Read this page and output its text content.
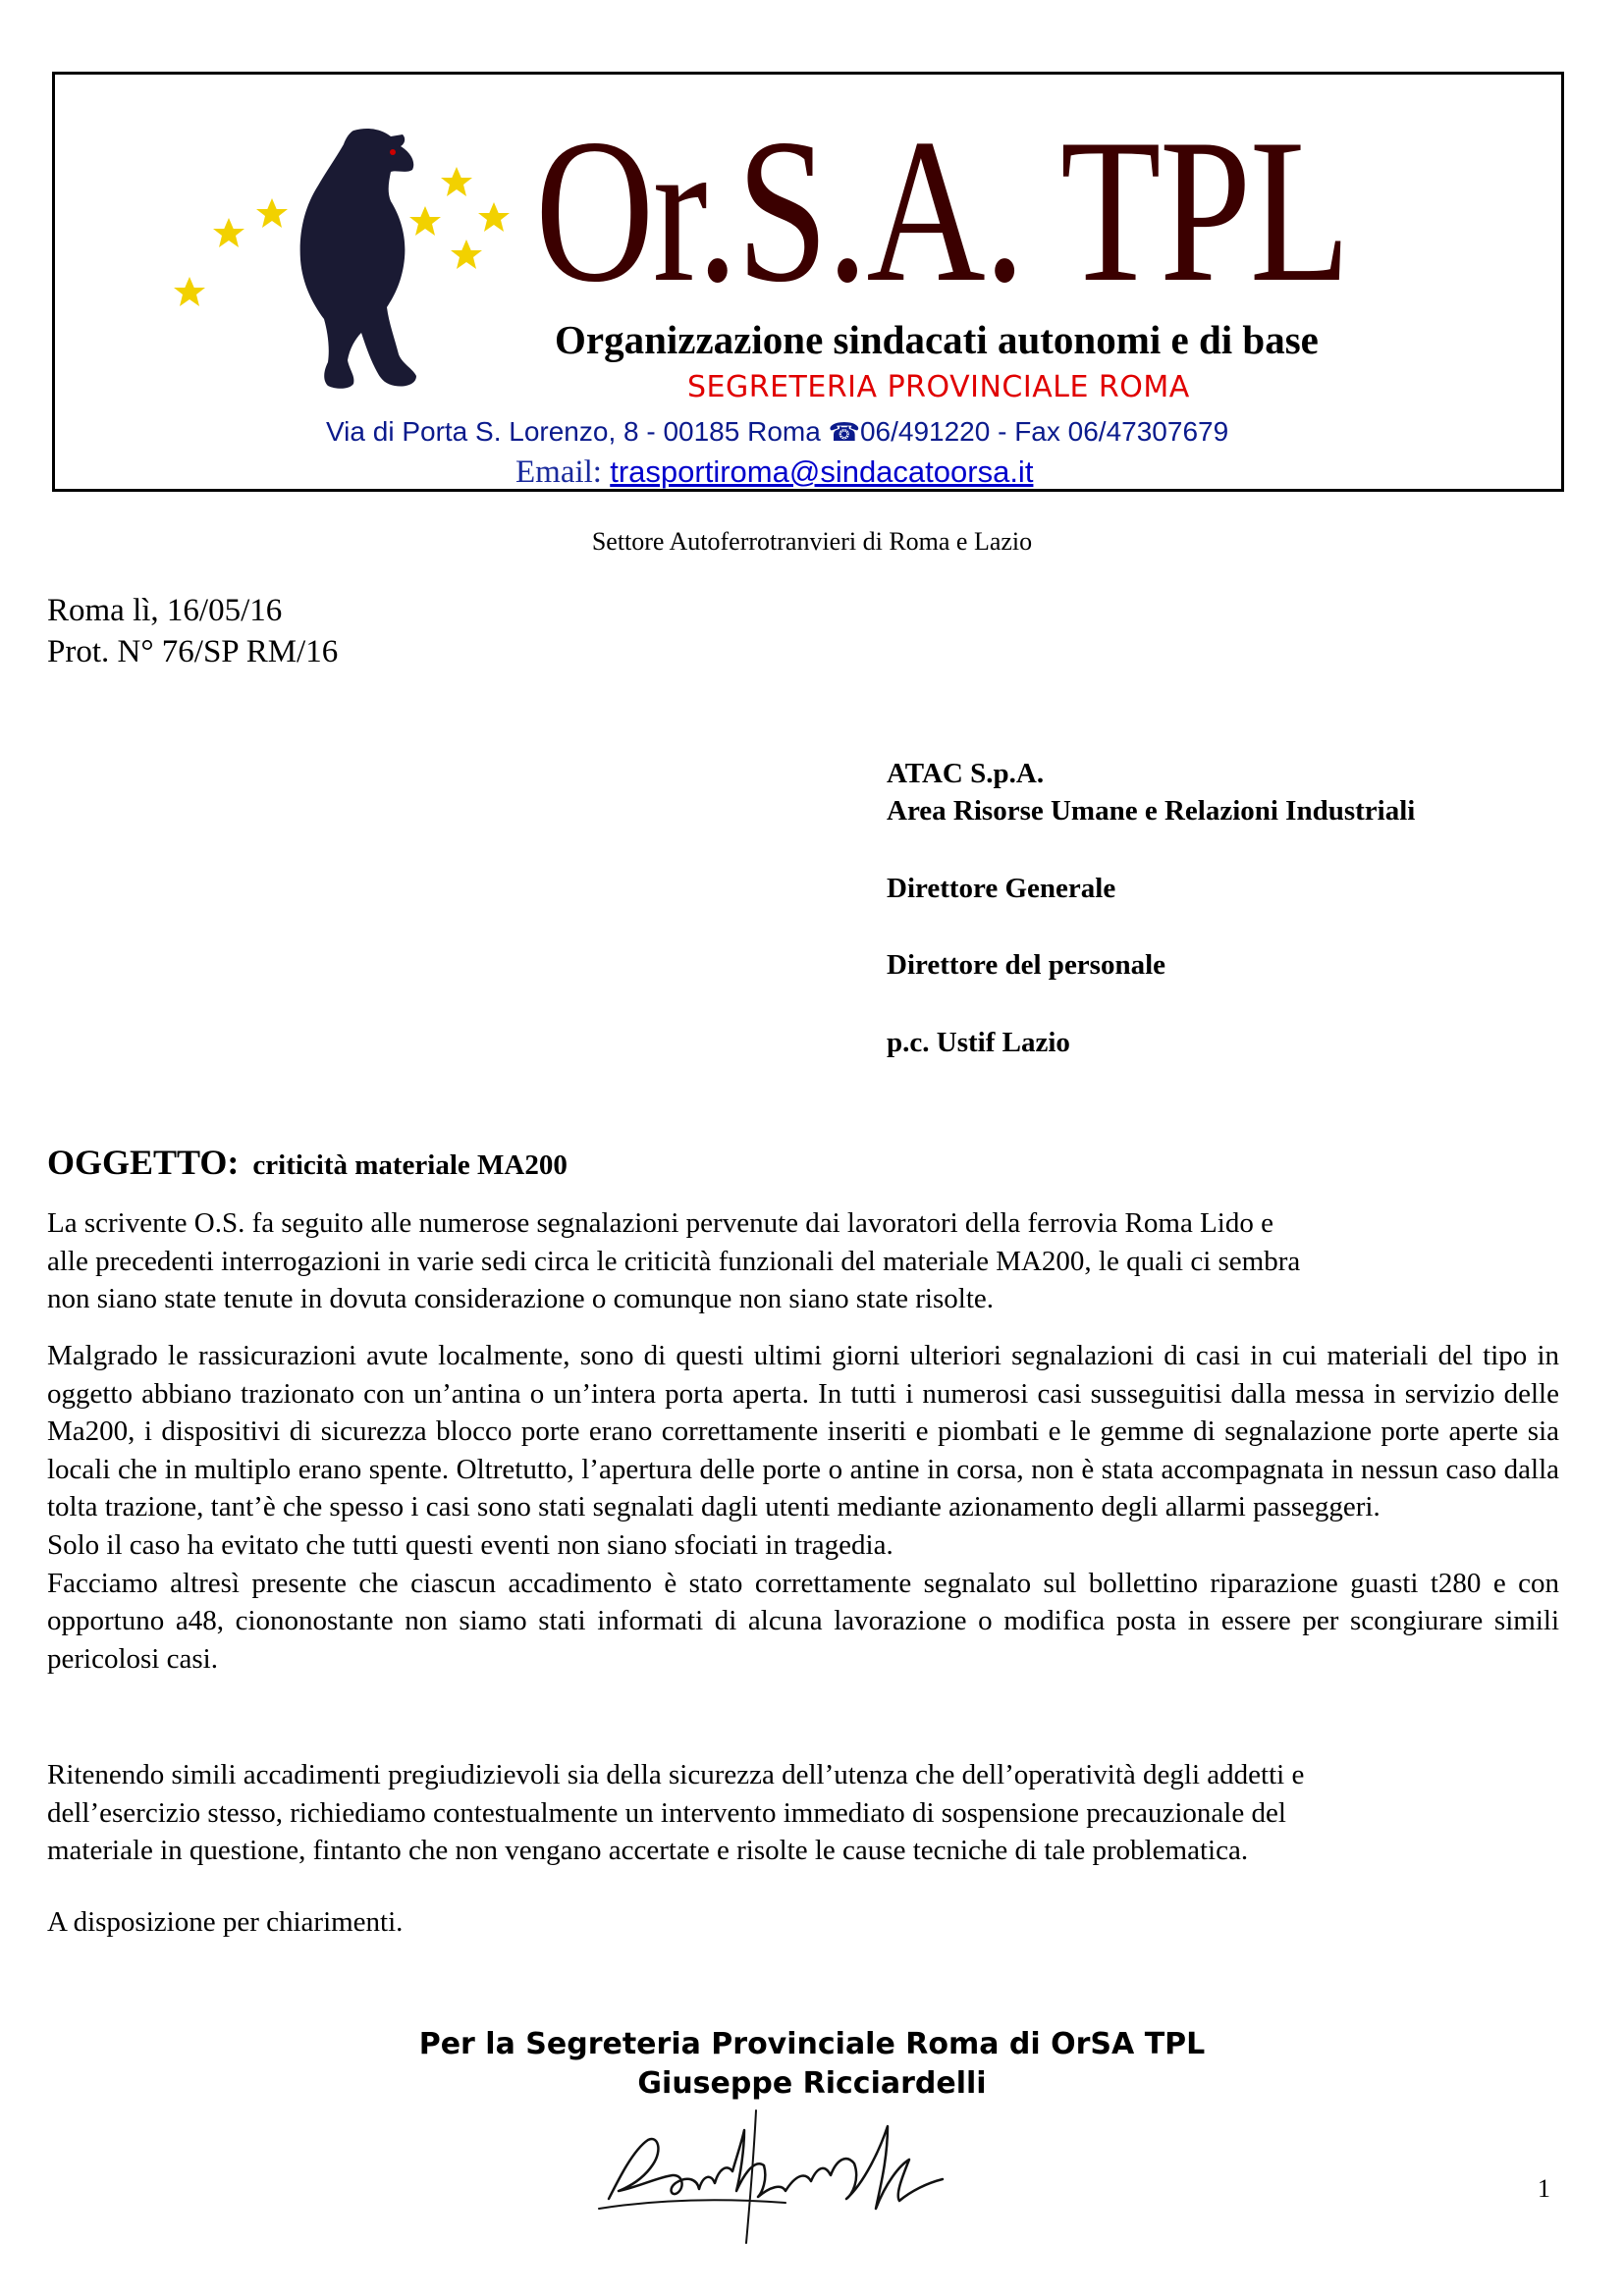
Or.S.A. TPL
Organizzazione sindacati autonomi e di base
SEGRETERIA PROVINCIALE ROMA
Via di Porta S. Lorenzo, 8 - 00185 Roma ☎06/491220 - Fax 06/47307679
Email: trasportiroma@sindacatoorsa.it
Settore Autoferrotranvieri di Roma e Lazio
Roma lì, 16/05/16
Prot. N° 76/SP RM/16
ATAC S.p.A.
Area Risorse Umane e Relazioni Industriali
Direttore Generale
Direttore del personale
p.c. Ustif Lazio
OGGETTO: criticità materiale MA200

La scrivente O.S. fa seguito alle numerose segnalazioni pervenute dai lavoratori della ferrovia Roma Lido e

alle precedenti interrogazioni in varie sedi circa le criticità funzionali del materiale MA200, le quali ci sembra

non siano state tenute in dovuta considerazione o comunque non siano state risolte.

Malgrado le rassicurazioni avute localmente, sono di questi ultimi giorni ulteriori segnalazioni di casi in cui materiali del tipo in oggetto abbiano trazionato con un’antina o un’intera porta aperta. In tutti i numerosi casi susseguitisi dalla messa in servizio delle Ma200, i dispositivi di sicurezza blocco porte erano correttamente inseriti e piombati e le gemme di segnalazione porte aperte sia locali che in multiplo erano spente. Oltretutto, l’apertura delle porte o antine in corsa, non è stata accompagnata in nessun caso dalla tolta trazione, tant’è che spesso i casi sono stati segnalati dagli utenti mediante azionamento degli allarmi passeggeri.

Solo il caso ha evitato che tutti questi eventi non siano sfociati in tragedia.

Facciamo altresì presente che ciascun accadimento è stato correttamente segnalato sul bollettino riparazione guasti t280 e con opportuno a48, ciononostante non siamo stati informati di alcuna lavorazione o modifica posta in essere per scongiurare simili pericolosi casi.

Ritenendo simili accadimenti pregiudizievoli sia della sicurezza dell’utenza che dell’operatività degli addetti e

dell’esercizio stesso, richiediamo contestualmente un intervento immediato di sospensione precauzionale del

materiale in questione, fintanto che non vengano accertate e risolte le cause tecniche di tale problematica.

A disposizione per chiarimenti.
Per la Segreteria Provinciale Roma di OrSA TPL
Giuseppe Ricciardelli
1
